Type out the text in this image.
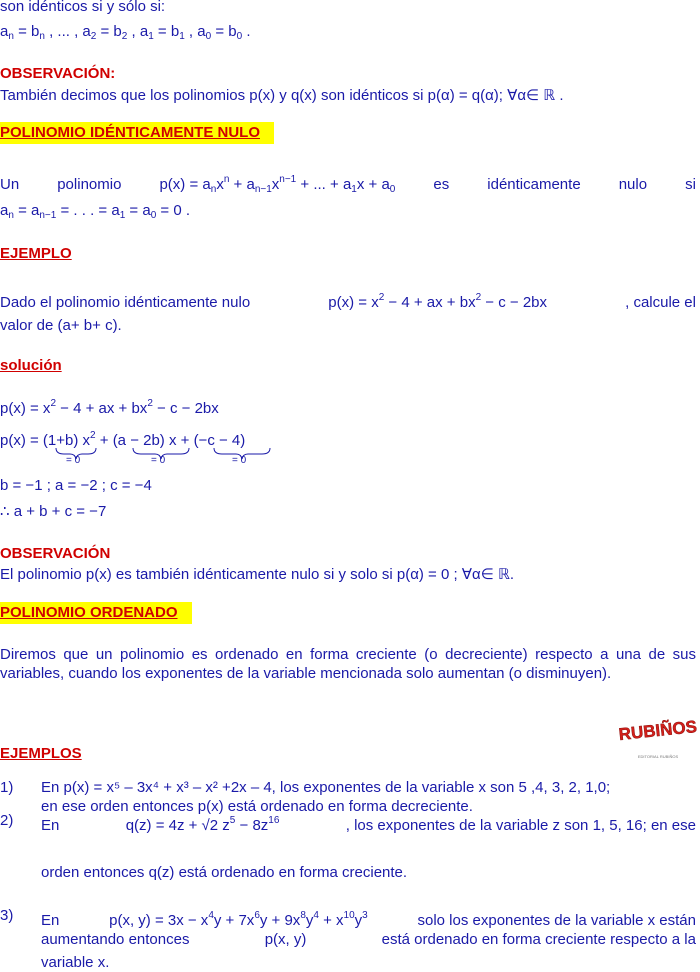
son idénticos si y sólo si:
$a_n = b_n$ , ... , $a_2 = b_2$ , $a_1 = b_1$ , $a_0 = b_0$ .
OBSERVACIÓN:
También decimos que los polinomios p(x) y q(x) son idénticos si p(α) = q(α); ∀α∈ ℝ .
POLINOMIO IDÉNTICAMENTE NULO
Un	polinomio	$p(x) = a_nx^n + a_{n-1}x^{n-1}$ + ... + $a_1x + a_0$	es	idénticamente	nulo	si
$a_n = a_{n-1}$ = . . . = $a_1 = a_0 = 0$ .
EJEMPLO
Dado el polinomio idénticamente nulo	$p(x) = x^2 - 4$ + ax + $bx^2 - c - 2bx$	, calcule el
valor de (a+ b+ c).
solución
$p(x) = x^2 - 4$ + ax + $bx^2 - c - 2bx$
p(x) = (1+b) $x^2 + (a - 2b) x + (-c - 4)$
= 0	= 0	= 0
b = −1 ; a = −2 ; c = −4
∴ a + b + c = −7
OBSERVACIÓN
El polinomio p(x) es también idénticamente nulo si y solo si p(α) = 0 ; ∀α∈ ℝ.
POLINOMIO ORDENADO
Diremos que un polinomio es ordenado en forma creciente (o decreciente) respecto a una de sus variables, cuando los exponentes de la variable mencionada solo aumentan (o disminuyen).
RUBIÑOS
EDITORIAL RUBIÑOS
EJEMPLOS
1) En p(x) = x⁵ – 3x⁴ + x³ – x² +2x – 4, los exponentes de la variable x son 5 ,4, 3, 2, 1,0;
en ese orden entonces p(x) está ordenado en forma decreciente.
2) En	q(z) = 4z + √2 $z^5 - 8z^{16}$	, los exponentes de la variable z son 1, 5, 16; en ese
orden entonces q(z) está ordenado en forma creciente.
3) En	p(x, $y) = 3x - x^4y + 7x^6y + 9x^8y^4 + x^{10}y^3$	solo los exponentes de la variable x están
aumentando entonces	p(x, y)	está ordenado en forma creciente respecto a la
variable x.
